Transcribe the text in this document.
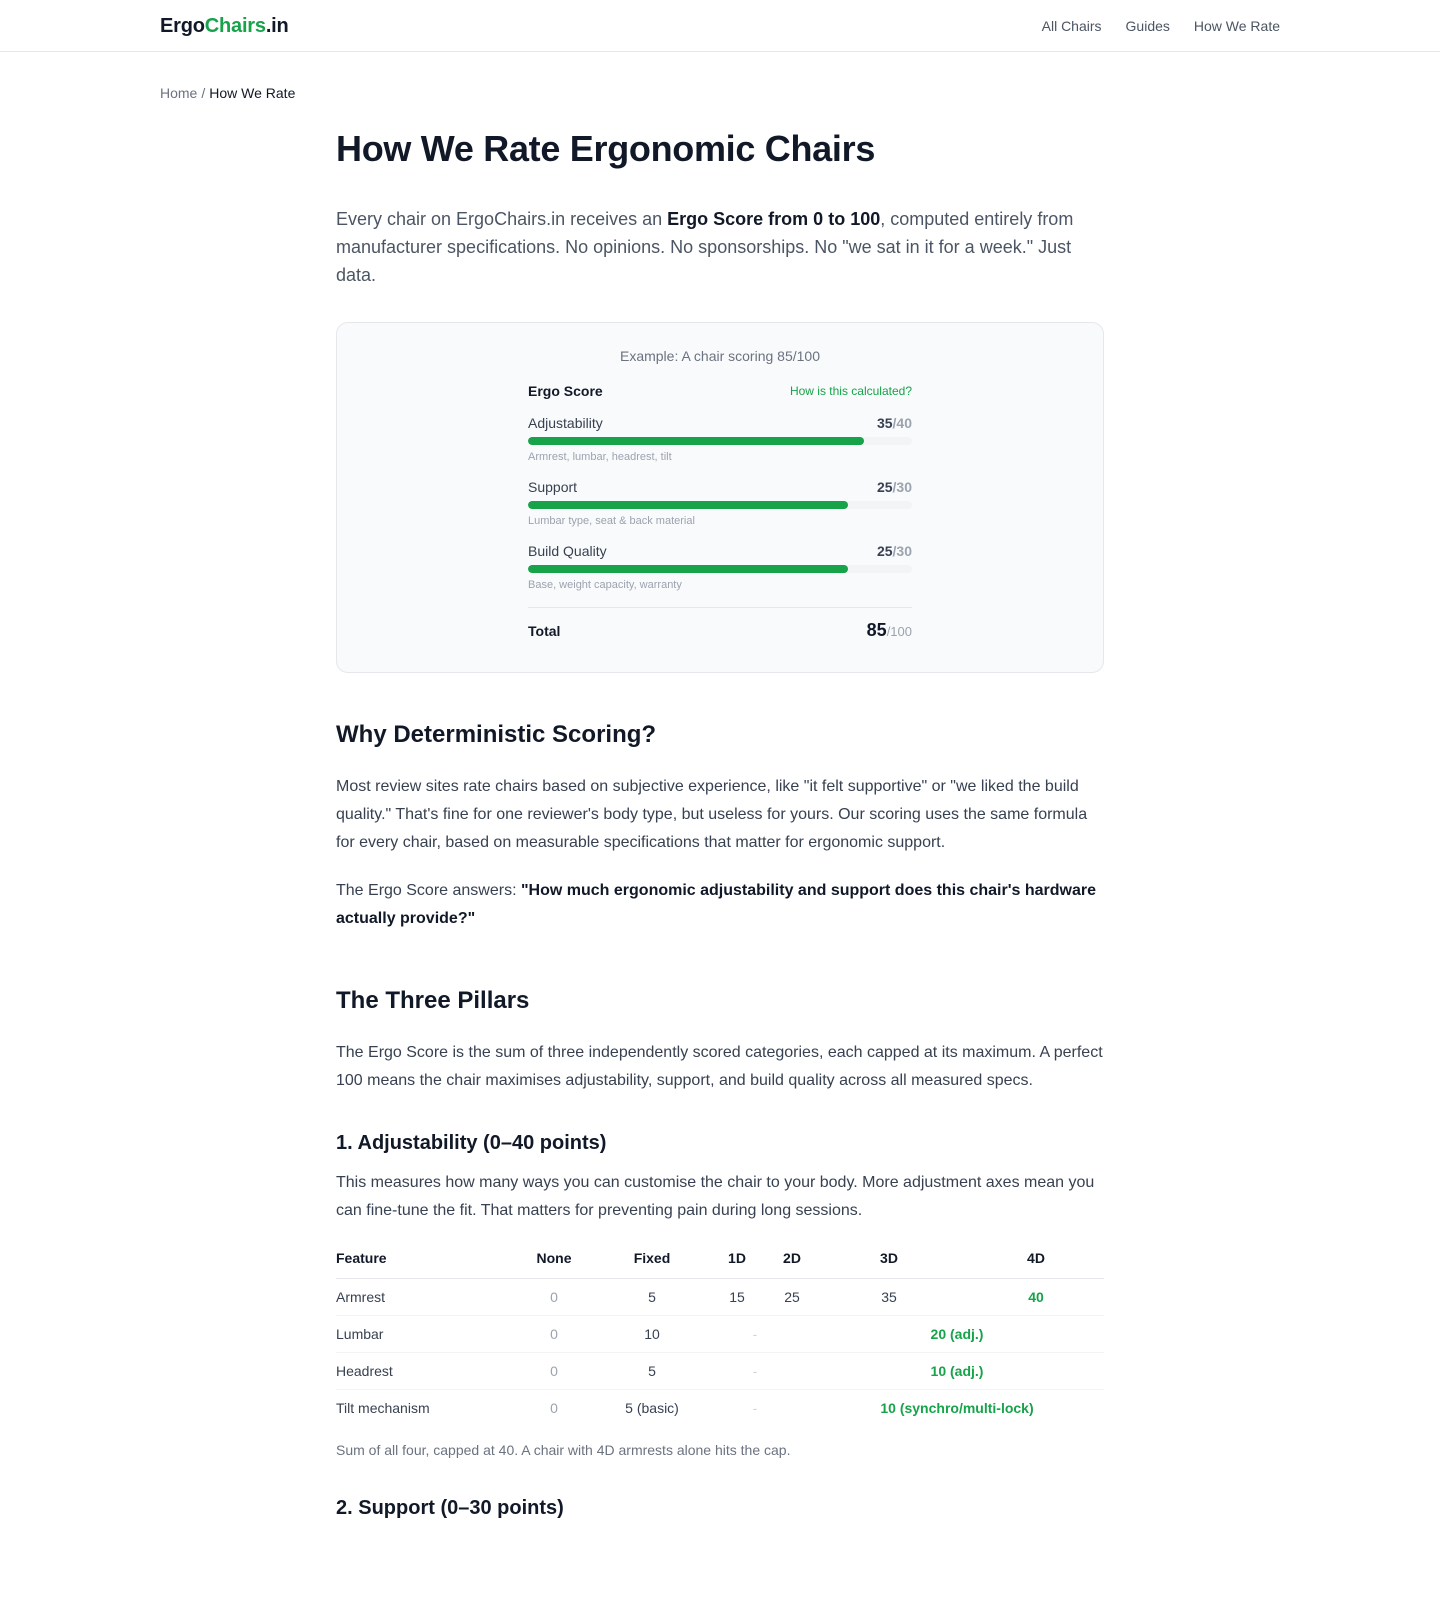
ErgoChairs.in	All Chairs Guides How We Rate
Home / How We Rate
How We Rate Ergonomic Chairs

Every chair on ErgoChairs.in receives an Ergo Score from 0 to 100, computed entirely from manufacturer specifications. No opinions. No sponsorships. No "we sat in it for a week." Just data.

Example: A chair scoring 85/100
Ergo Score	How is this calculated?
Adjustability	35/40
Armrest, lumbar, headrest, tilt
Support	25/30
Lumbar type, seat & back material
Build Quality	25/30
Base, weight capacity, warranty
Total	85/100
Why Deterministic Scoring?

Most review sites rate chairs based on subjective experience, like "it felt supportive" or "we liked the build quality." That's fine for one reviewer's body type, but useless for yours. Our scoring uses the same formula for every chair, based on measurable specifications that matter for ergonomic support.

The Ergo Score answers: "How much ergonomic adjustability and support does this chair's hardware actually provide?"

The Three Pillars

The Ergo Score is the sum of three independently scored categories, each capped at its maximum. A perfect 100 means the chair maximises adjustability, support, and build quality across all measured specs.

1. Adjustability (0–40 points)

This measures how many ways you can customise the chair to your body. More adjustment axes mean you can fine-tune the fit. That matters for preventing pain during long sessions.

Feature	None	Fixed	1D	2D	3D	4D
Armrest	0	5	15	25	35	40
Lumbar	0	10	-		20 (adj.)	
Headrest	0	5	-		10 (adj.)	
Tilt mechanism	0	5 (basic)	-		10 (synchro/multi-lock)	

Sum of all four, capped at 40. A chair with 4D armrests alone hits the cap.

2. Support (0–30 points)
